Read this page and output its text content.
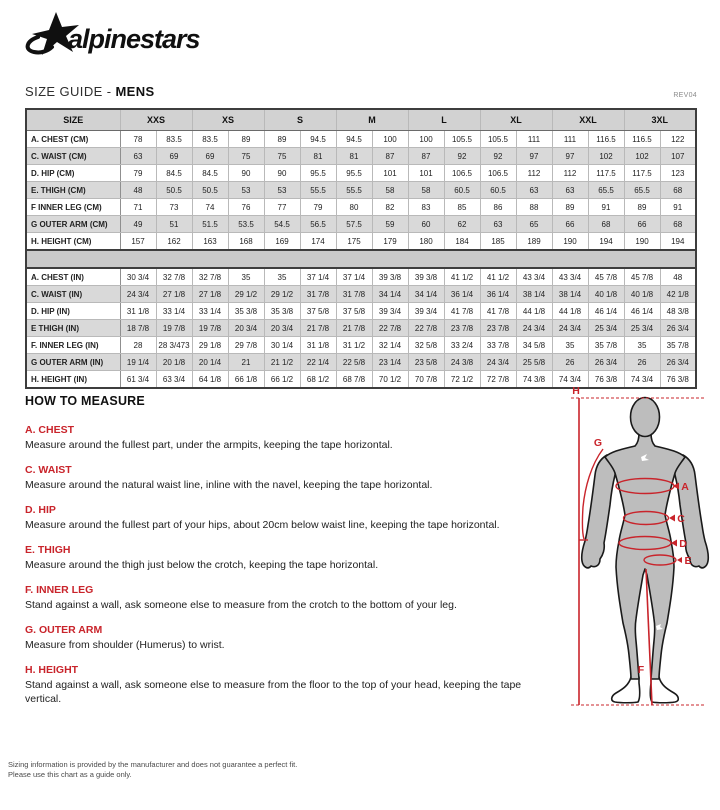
alpinestars
SIZE GUIDE - MENS	REV04
SIZE	XXS		XS		S		M		L		XL		XXL		3XL	
A. CHEST (CM)	78	83.5	83.5	89	89	94.5	94.5	100	100	105.5	105.5	111	111	116.5	116.5	122
C. WAIST (CM)	63	69	69	75	75	81	81	87	87	92	92	97	97	102	102	107
D. HIP (CM)	79	84.5	84.5	90	90	95.5	95.5	101	101	106.5	106.5	112	112	117.5	117.5	123
E. THIGH (CM)	48	50.5	50.5	53	53	55.5	55.5	58	58	60.5	60.5	63	63	65.5	65.5	68
F INNER LEG (CM)	71	73	74	76	77	79	80	82	83	85	86	88	89	91	89	91
G OUTER ARM (CM)	49	51	51.5	53.5	54.5	56.5	57.5	59	60	62	63	65	66	68	66	68
H. HEIGHT (CM)	157	162	163	168	169	174	175	179	180	184	185	189	190	194	190	194

A. CHEST (IN)	30 3/4	32 7/8	32 7/8	35	35	37 1/4	37 1/4	39 3/8	39 3/8	41 1/2	41 1/2	43 3/4	43 3/4	45 7/8	45 7/8	48
C. WAIST (IN)	24 3/4	27 1/8	27 1/8	29 1/2	29 1/2	31 7/8	31 7/8	34 1/4	34 1/4	36 1/4	36 1/4	38 1/4	38 1/4	40 1/8	40 1/8	42 1/8
D. HIP (IN)	31 1/8	33 1/4	33 1/4	35 3/8	35 3/8	37 5/8	37 5/8	39 3/4	39 3/4	41 7/8	41 7/8	44 1/8	44 1/8	46 1/4	46 1/4	48 3/8
E THIGH (IN)	18 7/8	19 7/8	19 7/8	20 3/4	20 3/4	21 7/8	21 7/8	22 7/8	22 7/8	23 7/8	23 7/8	24 3/4	24 3/4	25 3/4	25 3/4	26 3/4
F. INNER LEG (IN)	28	28 3/473	29 1/8	29 7/8	30 1/4	31 1/8	31 1/2	32 1/4	32 5/8	33 2/4	33 7/8	34 5/8	35	35 7/8	35	35 7/8
G OUTER ARM (IN)	19 1/4	20 1/8	20 1/4	21	21 1/2	22 1/4	22 5/8	23 1/4	23 5/8	24 3/8	24 3/4	25 5/8	26	26 3/4	26	26 3/4
H. HEIGHT (IN)	61 3/4	63 3/4	64 1/8	66 1/8	66 1/2	68 1/2	68 7/8	70 1/2	70 7/8	72 1/2	72 7/8	74 3/8	74 3/4	76 3/8	74 3/4	76 3/8
HOW TO MEASURE
A. CHEST
Measure around the fullest part, under the armpits, keeping the tape horizontal.
C. WAIST
Measure around the natural waist line, inline with the navel, keeping the tape horizontal.
D. HIP
Measure around the fullest part of your hips, about 20cm below waist line, keeping the tape horizontal.
E. THIGH
Measure around the thigh just below the crotch, keeping the tape horizontal.
F. INNER LEG
Stand against a wall, ask someone else to measure from the crotch to the bottom of your leg.
G. OUTER ARM
Measure from shoulder (Humerus) to wrist.
H. HEIGHT
Stand against a wall, ask someone else to measure from the floor to the top of your head, keeping the tape vertical.
H
G
A
C
D
E
F
Sizing information is provided by the manufacturer and does not guarantee a perfect fit.
Please use this chart as a guide only.
